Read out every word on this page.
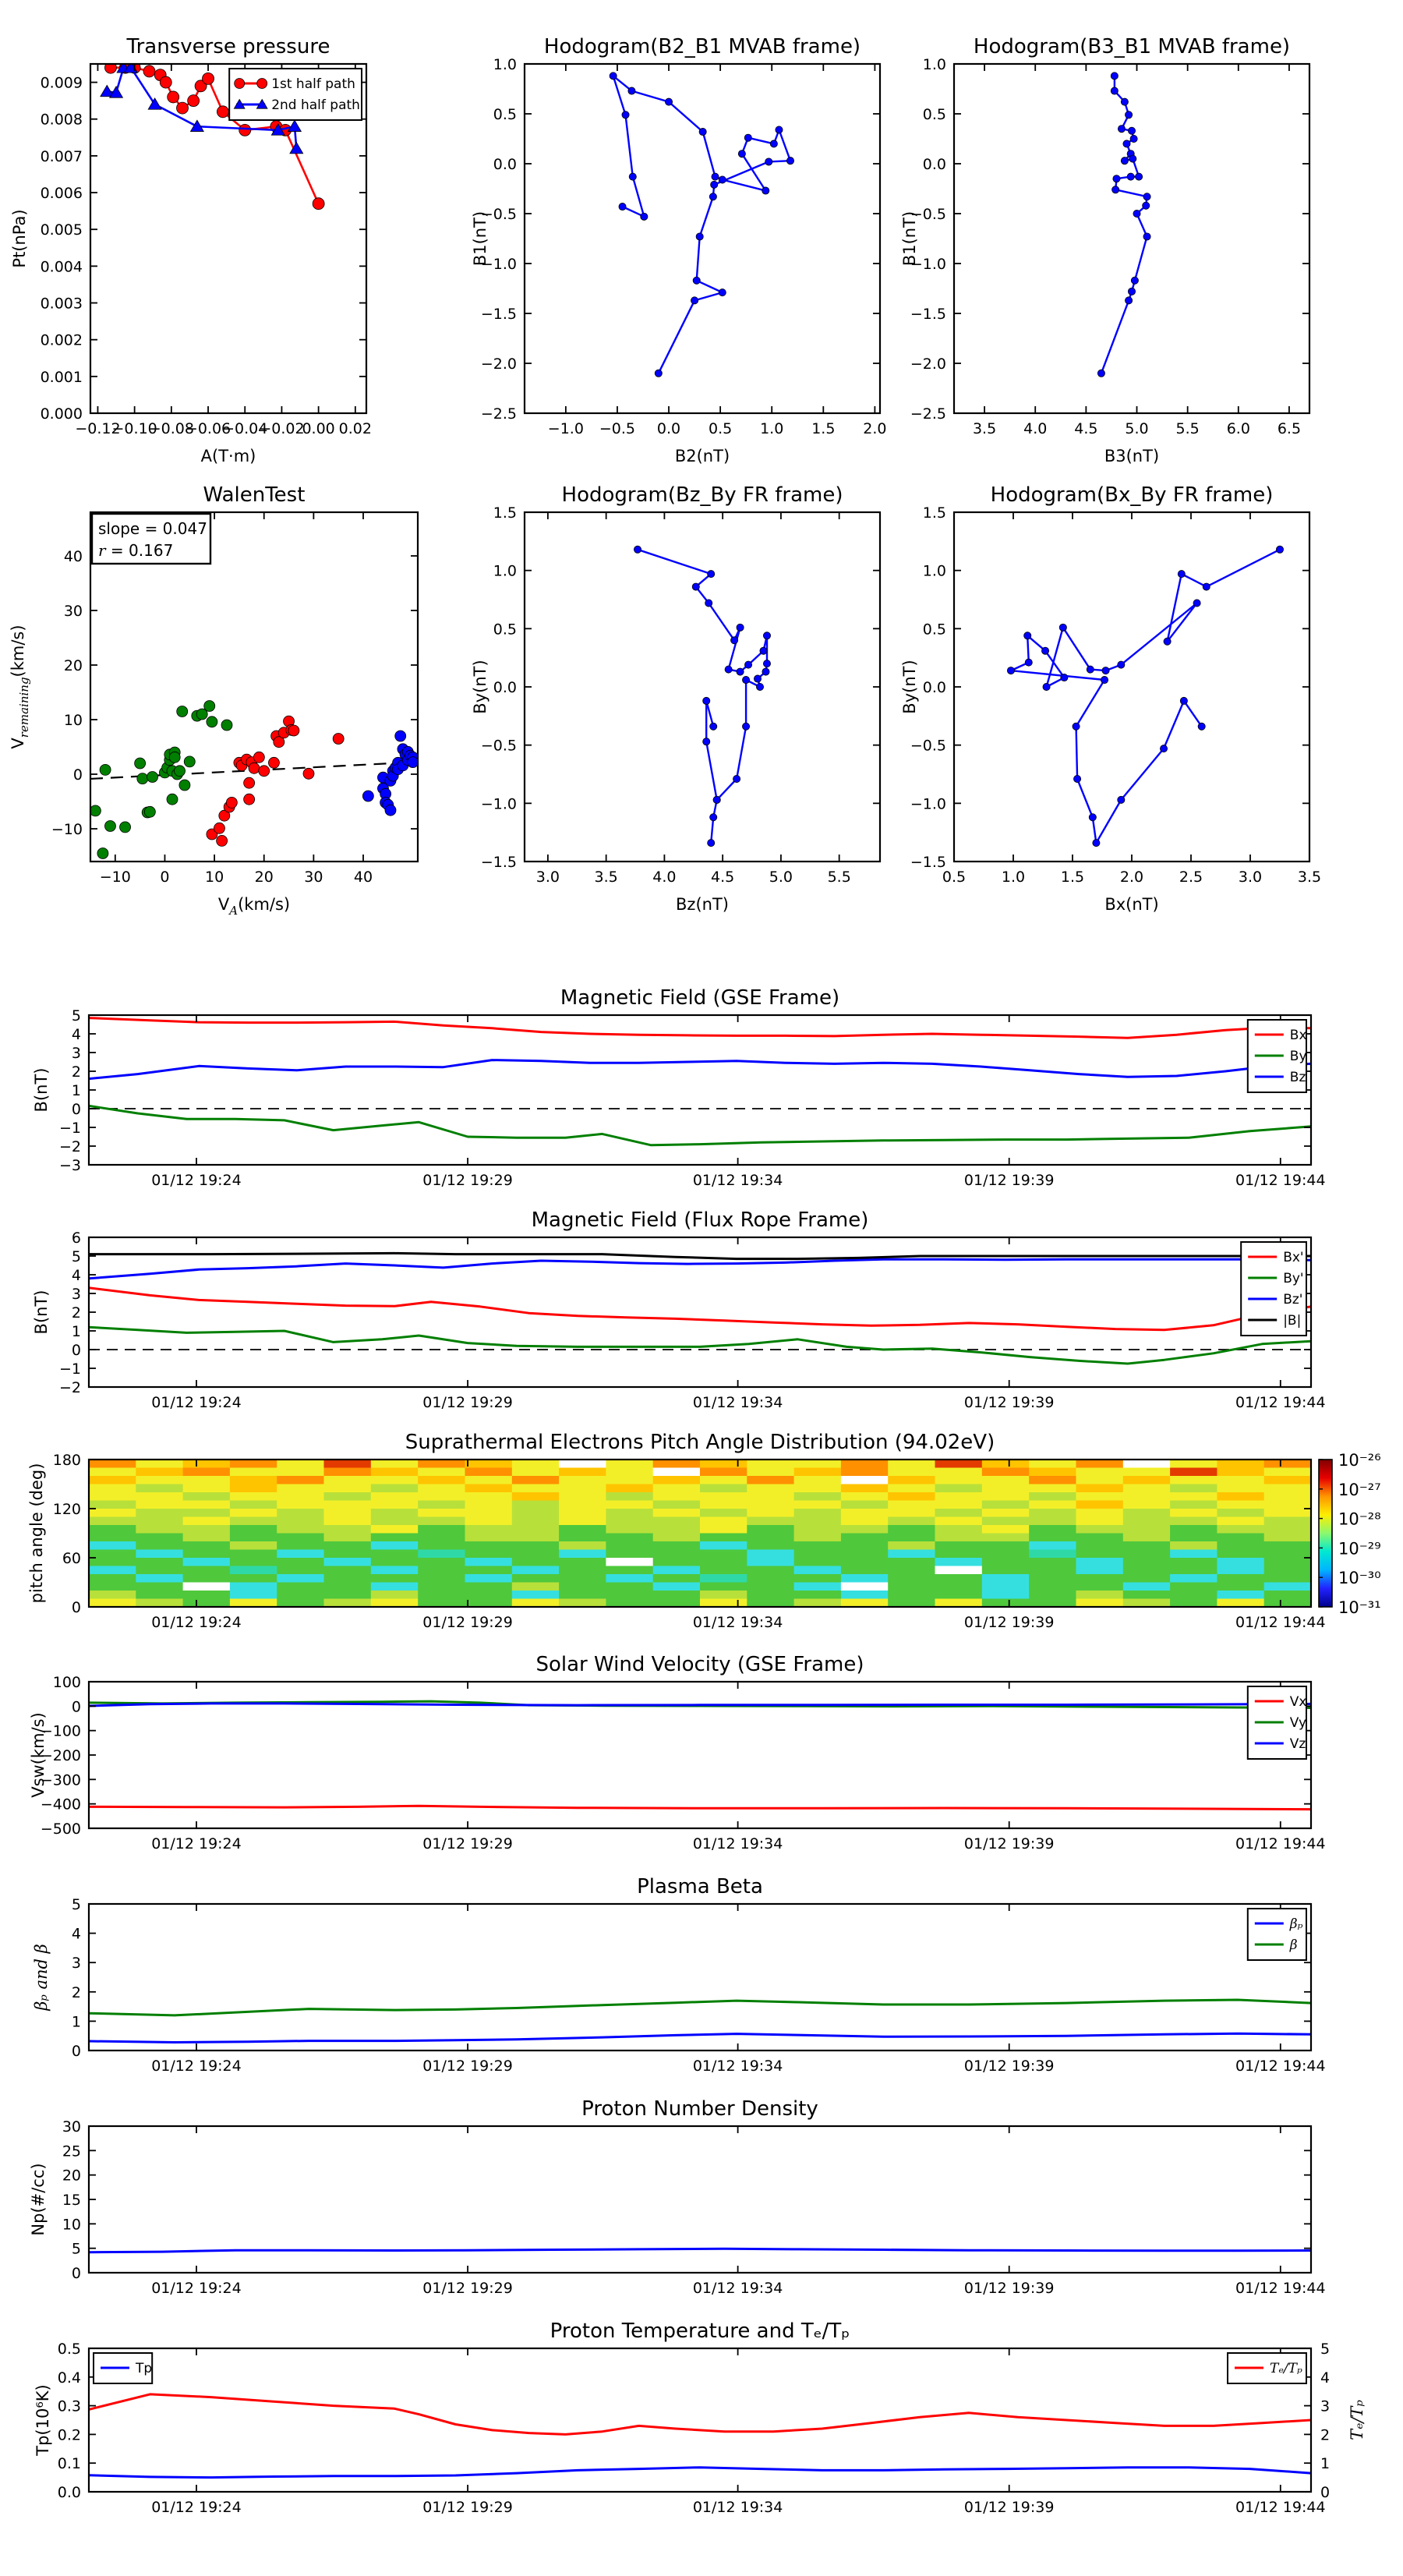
−0.12
−0.10
−0.08
−0.06
−0.04
−0.02
0.00 0.02
0.000
0.001
0.002
0.003
0.004
0.005
0.006
0.007
0.008
0.009
Transverse pressure
A(T·m)
Pt(nPa)
1st half path
2nd half path
−1.0 −0.5 0.0 0.5 1.0 1.5 2.0
1.0
0.5
0.0
−0.5
−1.0
−1.5
−2.0
−2.5
Hodogram(B2_B1 MVAB frame)
B2(nT)
B1(nT)
3.5 4.0 4.5 5.0 5.5 6.0 6.5
1.0
0.5
0.0
−0.5
−1.0
−1.5
−2.0
−2.5
Hodogram(B3_B1 MVAB frame)
B3(nT)
B1(nT)
−10 0 10 20 30 40
−10
0
10
20
30
40
WalenTest
$V_A(km/s)$
$V_{remaining}(km/s)$
slope = 0.047
r = 0.167
3.0 3.5 4.0 4.5 5.0 5.5
1.5
1.0
0.5
0.0
−0.5
−1.0
−1.5
Hodogram(Bz_By FR frame)
Bz(nT)
By(nT)
0.5 1.0 1.5 2.0 2.5 3.0 3.5
1.5
1.0
0.5
0.0
−0.5
−1.0
−1.5
Hodogram(Bx_By FR frame)
Bx(nT)
By(nT)
01/12 19:24	01/12 19:29	01/12 19:34	01/12 19:39	01/12 19:44
5
4
3
2
1
0
−1
−2
−3
Magnetic Field (GSE Frame)
B(nT)
Bx
By
Bz
01/12 19:24	01/12 19:29	01/12 19:34	01/12 19:39	01/12 19:44
6
5
4
3
2
1
0
−1
−2
Magnetic Field (Flux Rope Frame)
B(nT)
Bx'
By'
Bz'
|B|
01/12 19:24	01/12 19:29	01/12 19:34	01/12 19:39	01/12 19:44
180
120
60
0
Suprathermal Electrons Pitch Angle Distribution (94.02eV)
pitch angle (deg)
01/12 19:24	01/12 19:29	01/12 19:34	01/12 19:39	01/12 19:44
100
0
−100
−200
−300
−400
−500
Solar Wind Velocity (GSE Frame)
Vsw(km/s)
Vx
Vy
Vz
01/12 19:24	01/12 19:29	01/12 19:34	01/12 19:39	01/12 19:44
5
4
3
2
1
0
Plasma Beta
βₚ and β
βₚ
β
01/12 19:24	01/12 19:29	01/12 19:34	01/12 19:39	01/12 19:44
30
25
20
15
10
5
0
Proton Number Density
Np(#/cc)
01/12 19:24	01/12 19:29	01/12 19:34	01/12 19:39	01/12 19:44
0.5
0.4
0.3
0.2
0.1
0.0
5
4
3
2
1
0
Proton Temperature and Tₑ/Tₚ
Tp(10⁶K)	Tₑ/Tₚ
Tp	Tₑ/Tₚ
10⁻²⁶
10⁻²⁷
10⁻²⁸
10⁻²⁹
10⁻³⁰
10⁻³¹
